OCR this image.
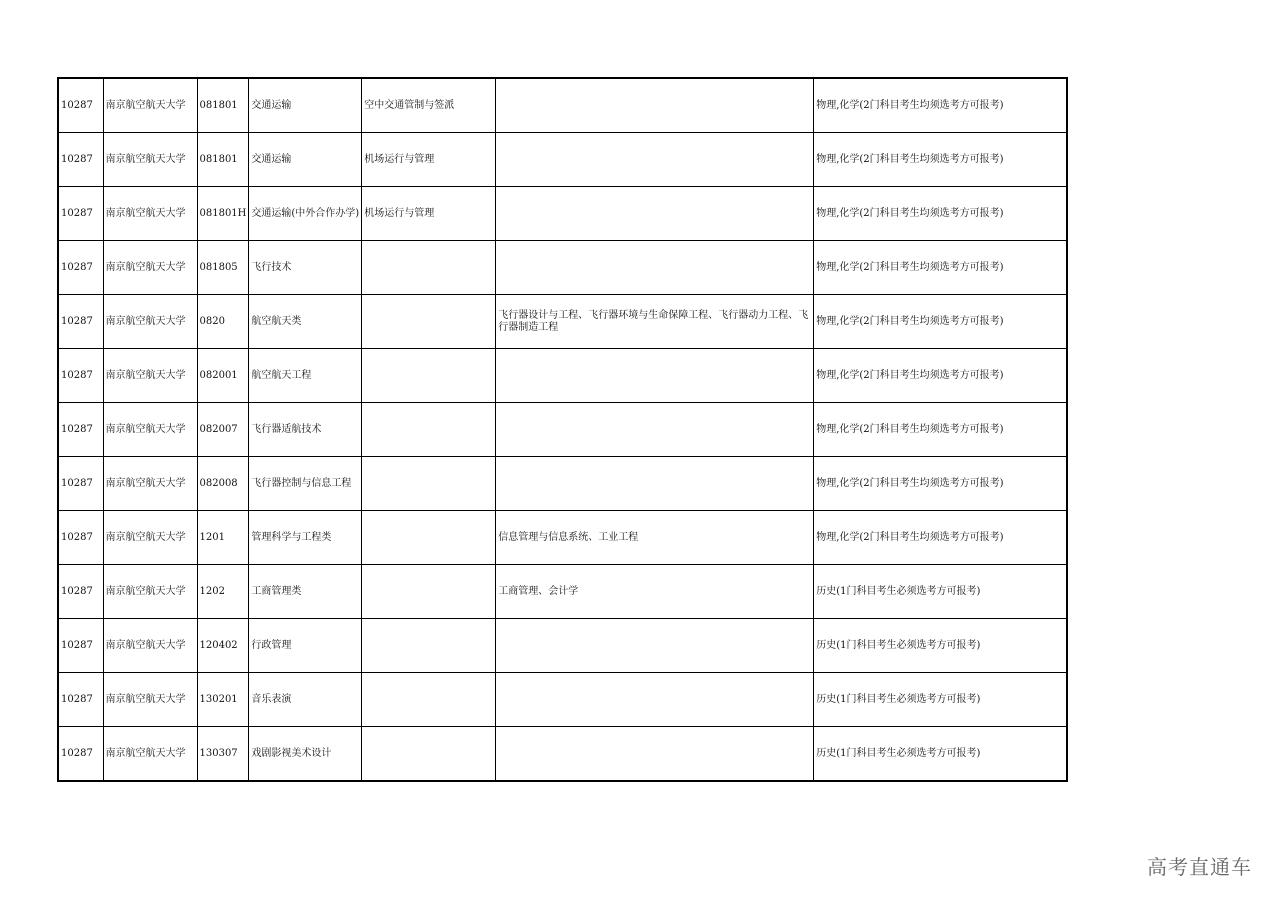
10287	南京航空航天大学	081801	交通运输	空中交通管制与签派		物理,化学(2门科目考生均须选考方可报考)
10287	南京航空航天大学	081801	交通运输	机场运行与管理		物理,化学(2门科目考生均须选考方可报考)
10287	南京航空航天大学	081801H	交通运输(中外合作办学)	机场运行与管理		物理,化学(2门科目考生均须选考方可报考)
10287	南京航空航天大学	081805	飞行技术			物理,化学(2门科目考生均须选考方可报考)
10287	南京航空航天大学	0820	航空航天类		飞行器设计与工程、飞行器环境与生命保障工程、飞行器动力工程、飞行器制造工程	物理,化学(2门科目考生均须选考方可报考)
10287	南京航空航天大学	082001	航空航天工程			物理,化学(2门科目考生均须选考方可报考)
10287	南京航空航天大学	082007	飞行器适航技术			物理,化学(2门科目考生均须选考方可报考)
10287	南京航空航天大学	082008	飞行器控制与信息工程			物理,化学(2门科目考生均须选考方可报考)
10287	南京航空航天大学	1201	管理科学与工程类		信息管理与信息系统、工业工程	物理,化学(2门科目考生均须选考方可报考)
10287	南京航空航天大学	1202	工商管理类		工商管理、会计学	历史(1门科目考生必须选考方可报考)
10287	南京航空航天大学	120402	行政管理			历史(1门科目考生必须选考方可报考)
10287	南京航空航天大学	130201	音乐表演			历史(1门科目考生必须选考方可报考)
10287	南京航空航天大学	130307	戏剧影视美术设计			历史(1门科目考生必须选考方可报考)
高考直通车
